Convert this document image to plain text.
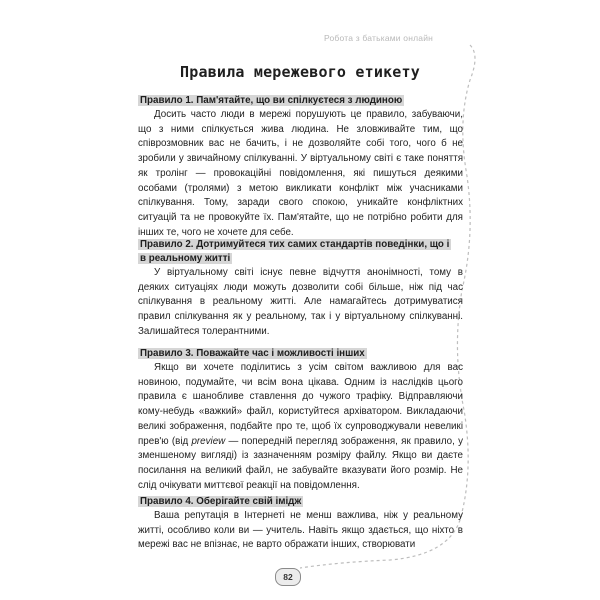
Робота з батьками онлайн
Правила мережевого етикету
Правило 1. Пам'ятайте, що ви спілкуєтеся з людиною

Досить часто люди в мережі порушують це правило, забуваючи, що з ними спілкується жива людина. Не зловживайте тим, що співрозмовник вас не бачить, і не дозволяйте собі того, чого б не зробили у звичайному спілкуванні. У віртуальному світі є таке поняття як тролінг — провокаційні повідомлення, які пишуться деякими особами (тролями) з метою викликати конфлікт між учасниками спілкування. Тому, заради свого спокою, уникайте конфліктних ситуацій та не провокуйте їх. Пам'ятайте, що не потрібно робити для інших те, чого не хочете для себе.

Правило 2. Дотримуйтеся тих самих стандартів поведінки, що і в реальному житті

У віртуальному світі існує певне відчуття анонімності, тому в деяких ситуаціях люди можуть дозволити собі більше, ніж під час спілкування в реальному житті. Але намагайтесь дотримуватися правил спілкування як у реальному, так і у віртуальному спілкуванні. Залишайтеся толерантними.

Правило 3. Поважайте час і можливості інших

Якщо ви хочете поділитись з усім світом важливою для вас новиною, подумайте, чи всім вона цікава. Одним із наслідків цього правила є шанобливе ставлення до чужого трафіку. Відправляючи кому-небудь «важкий» файл, користуйтеся архіватором. Викладаючи великі зображення, подбайте про те, щоб їх супроводжували невеликі прев'ю (від preview — попередній перегляд зображення, як правило, у зменшеному вигляді) із зазначенням розміру файлу. Якщо ви даєте посилання на великий файл, не забувайте вказувати його розмір. Не слід очікувати миттєвої реакції на повідомлення.

Правило 4. Оберігайте свій імідж

Ваша репутація в Інтернеті не менш важлива, ніж у реальному житті, особливо коли ви — учитель. Навіть якщо здається, що ніхто в мережі вас не впізнає, не варто ображати інших, створювати

82
